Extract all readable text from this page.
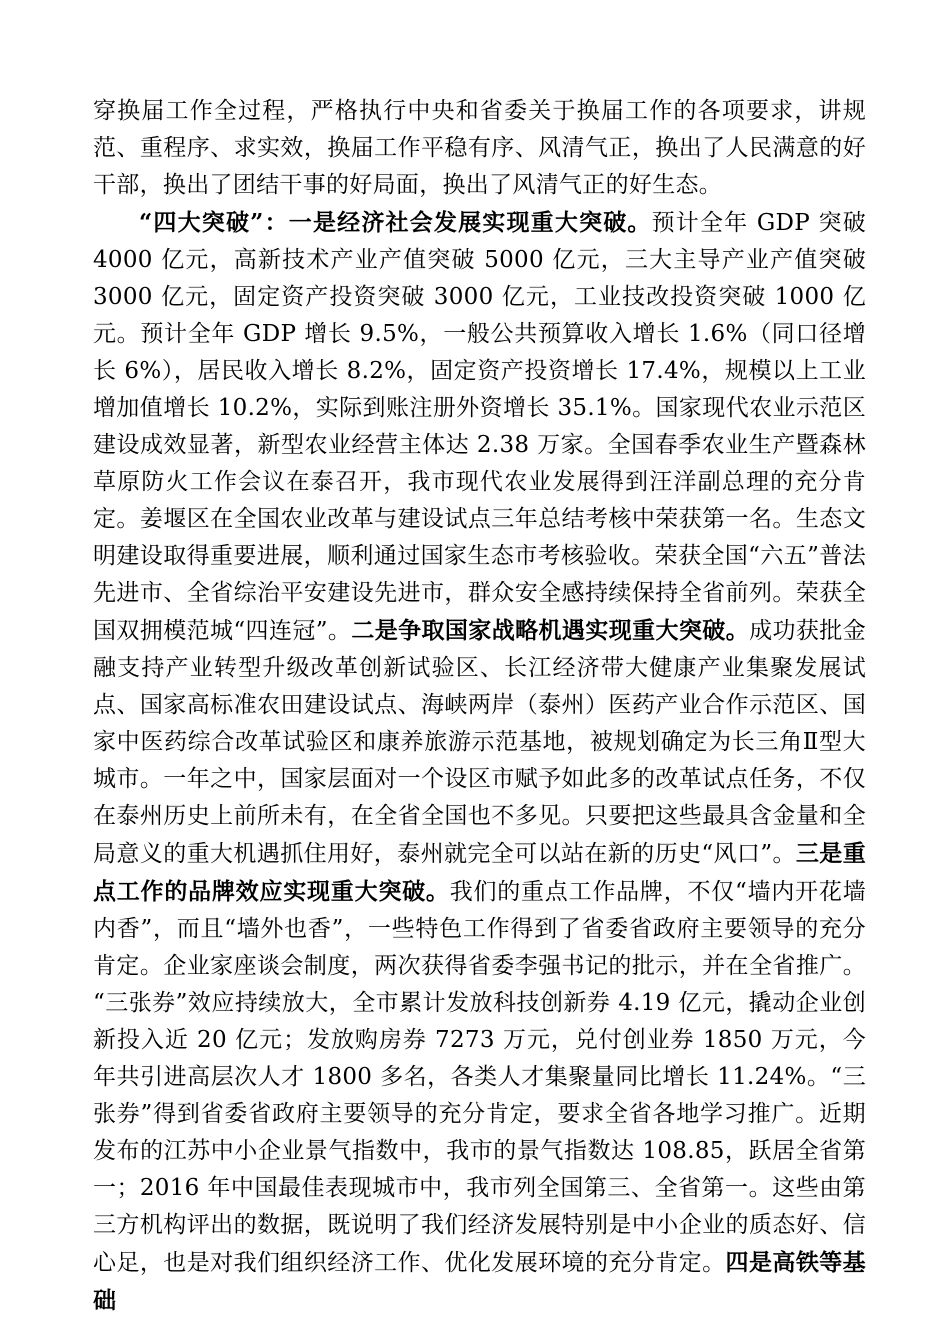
穿换届工作全过程，严格执行中央和省委关于换届工作的各项要求，讲规范、重程序、求实效，换届工作平稳有序、风清气正，换出了人民满意的好干部，换出了团结干事的好局面，换出了风清气正的好生态。

“四大突破”：一是经济社会发展实现重大突破。预计全年 GDP 突破 4000 亿元，高新技术产业产值突破 5000 亿元，三大主导产业产值突破 3000 亿元，固定资产投资突破 3000 亿元，工业技改投资突破 1000 亿元。预计全年 GDP 增长 9.5%，一般公共预算收入增长 1.6%（同口径增长 6%），居民收入增长 8.2%，固定资产投资增长 17.4%，规模以上工业增加值增长 10.2%，实际到账注册外资增长 35.1%。国家现代农业示范区建设成效显著，新型农业经营主体达 2.38 万家。全国春季农业生产暨森林草原防火工作会议在泰召开，我市现代农业发展得到汪洋副总理的充分肯定。姜堰区在全国农业改革与建设试点三年总结考核中荣获第一名。生态文明建设取得重要进展，顺利通过国家生态市考核验收。荣获全国“六五”普法先进市、全省综治平安建设先进市，群众安全感持续保持全省前列。荣获全国双拥模范城“四连冠”。二是争取国家战略机遇实现重大突破。成功获批金融支持产业转型升级改革创新试验区、长江经济带大健康产业集聚发展试点、国家高标准农田建设试点、海峡两岸（泰州）医药产业合作示范区、国家中医药综合改革试验区和康养旅游示范基地，被规划确定为长三角Ⅱ型大城市。一年之中，国家层面对一个设区市赋予如此多的改革试点任务，不仅在泰州历史上前所未有，在全省全国也不多见。只要把这些最具含金量和全局意义的重大机遇抓住用好，泰州就完全可以站在新的历史“风口”。三是重点工作的品牌效应实现重大突破。我们的重点工作品牌，不仅“墙内开花墙内香”，而且“墙外也香”，一些特色工作得到了省委省政府主要领导的充分肯定。企业家座谈会制度，两次获得省委李强书记的批示，并在全省推广。“三张券”效应持续放大，全市累计发放科技创新券 4.19 亿元，撬动企业创新投入近 20 亿元；发放购房券 7273 万元，兑付创业券 1850 万元，今年共引进高层次人才 1800 多名，各类人才集聚量同比增长 11.24%。“三张券”得到省委省政府主要领导的充分肯定，要求全省各地学习推广。近期发布的江苏中小企业景气指数中，我市的景气指数达 108.85，跃居全省第一；2016 年中国最佳表现城市中，我市列全国第三、全省第一。这些由第三方机构评出的数据，既说明了我们经济发展特别是中小企业的质态好、信心足，也是对我们组织经济工作、优化发展环境的充分肯定。四是高铁等基础
